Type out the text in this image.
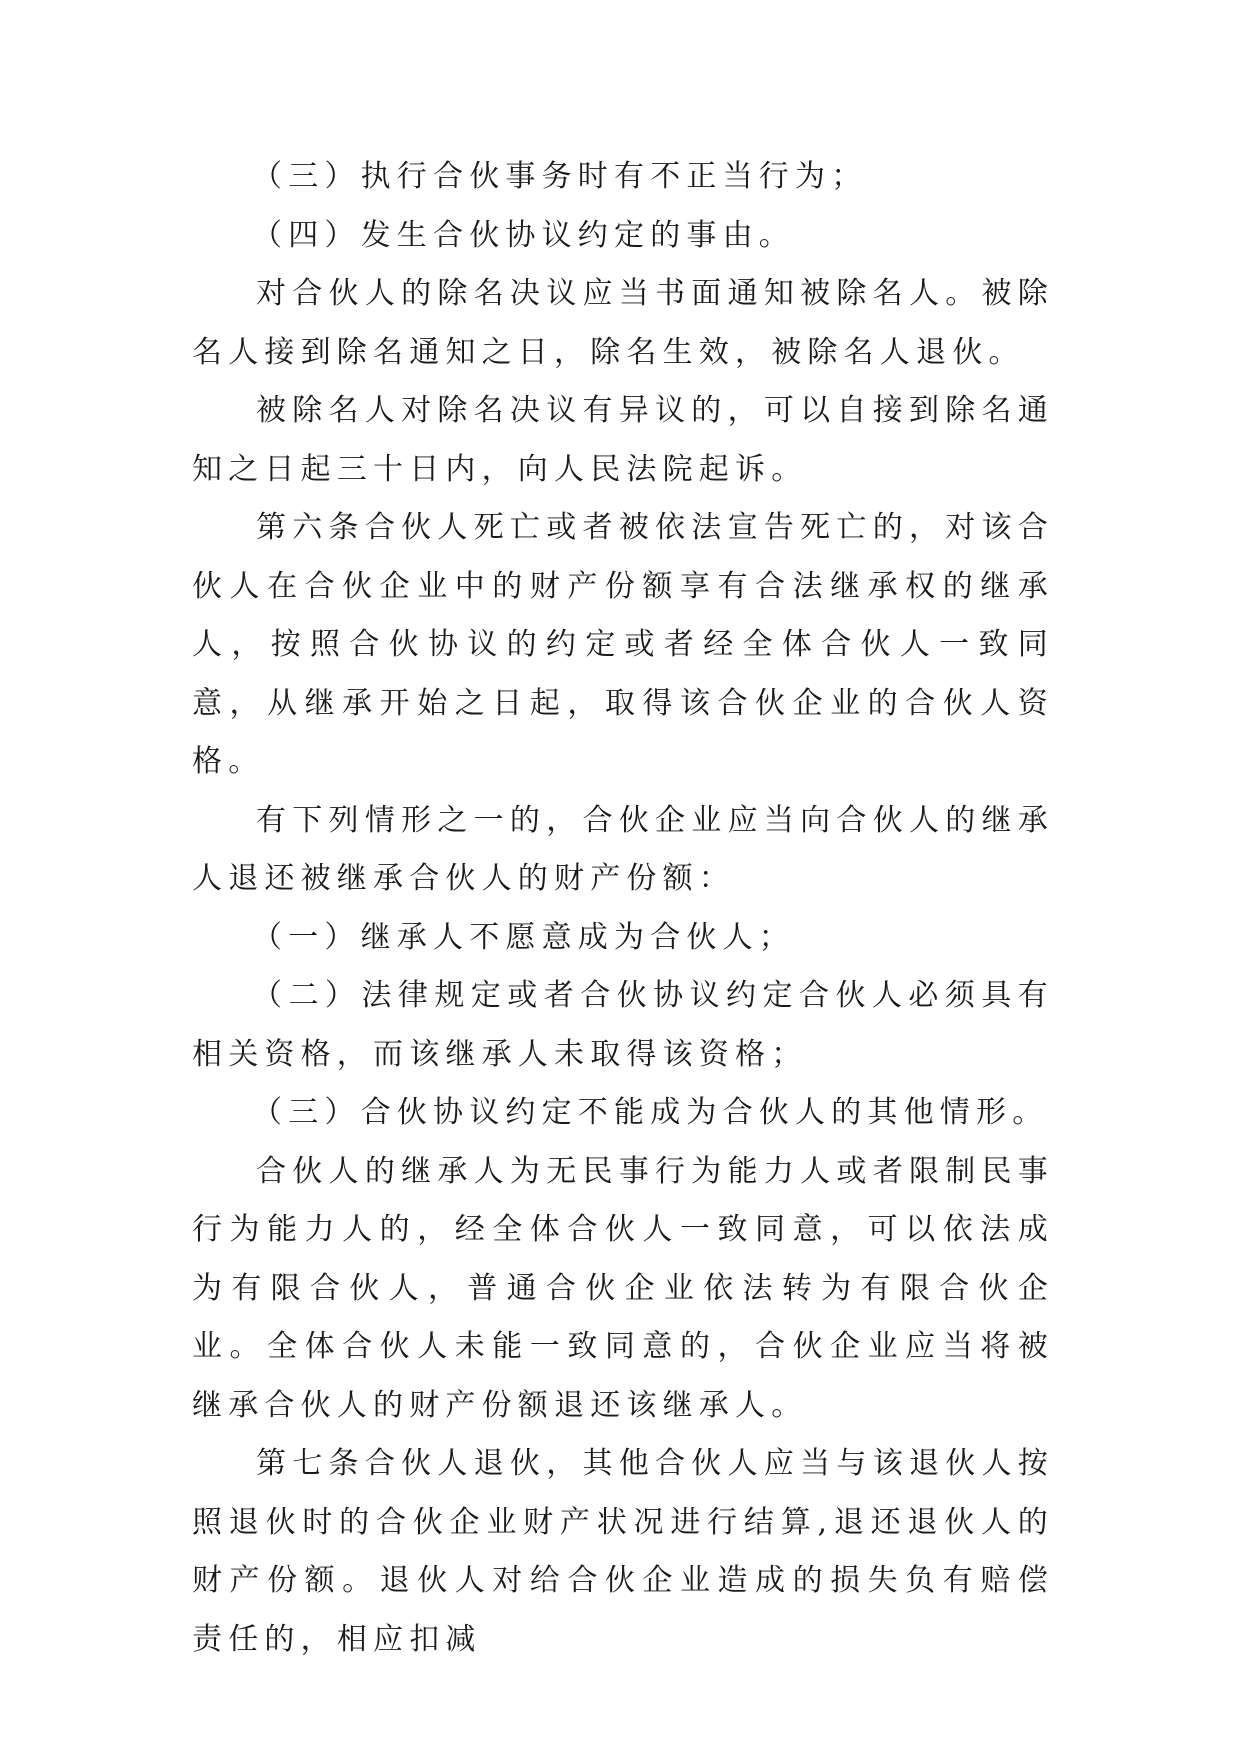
（三）执行合伙事务时有不正当行为；

（四）发生合伙协议约定的事由。

对合伙人的除名决议应当书面通知被除名人。被除名人接到除名通知之日，除名生效，被除名人退伙。

被除名人对除名决议有异议的，可以自接到除名通知之日起三十日内，向人民法院起诉。

第六条合伙人死亡或者被依法宣告死亡的，对该合伙人在合伙企业中的财产份额享有合法继承权的继承人，按照合伙协议的约定或者经全体合伙人一致同意，从继承开始之日起，取得该合伙企业的合伙人资格。

有下列情形之一的，合伙企业应当向合伙人的继承人退还被继承合伙人的财产份额：

（一）继承人不愿意成为合伙人；

（二）法律规定或者合伙协议约定合伙人必须具有相关资格，而该继承人未取得该资格；

（三）合伙协议约定不能成为合伙人的其他情形。

合伙人的继承人为无民事行为能力人或者限制民事行为能力人的，经全体合伙人一致同意，可以依法成为有限合伙人，普通合伙企业依法转为有限合伙企业。全体合伙人未能一致同意的，合伙企业应当将被继承合伙人的财产份额退还该继承人。

第七条合伙人退伙，其他合伙人应当与该退伙人按照退伙时的合伙企业财产状况进行结算,退还退伙人的财产份额。退伙人对给合伙企业造成的损失负有赔偿责任的，相应扣减
